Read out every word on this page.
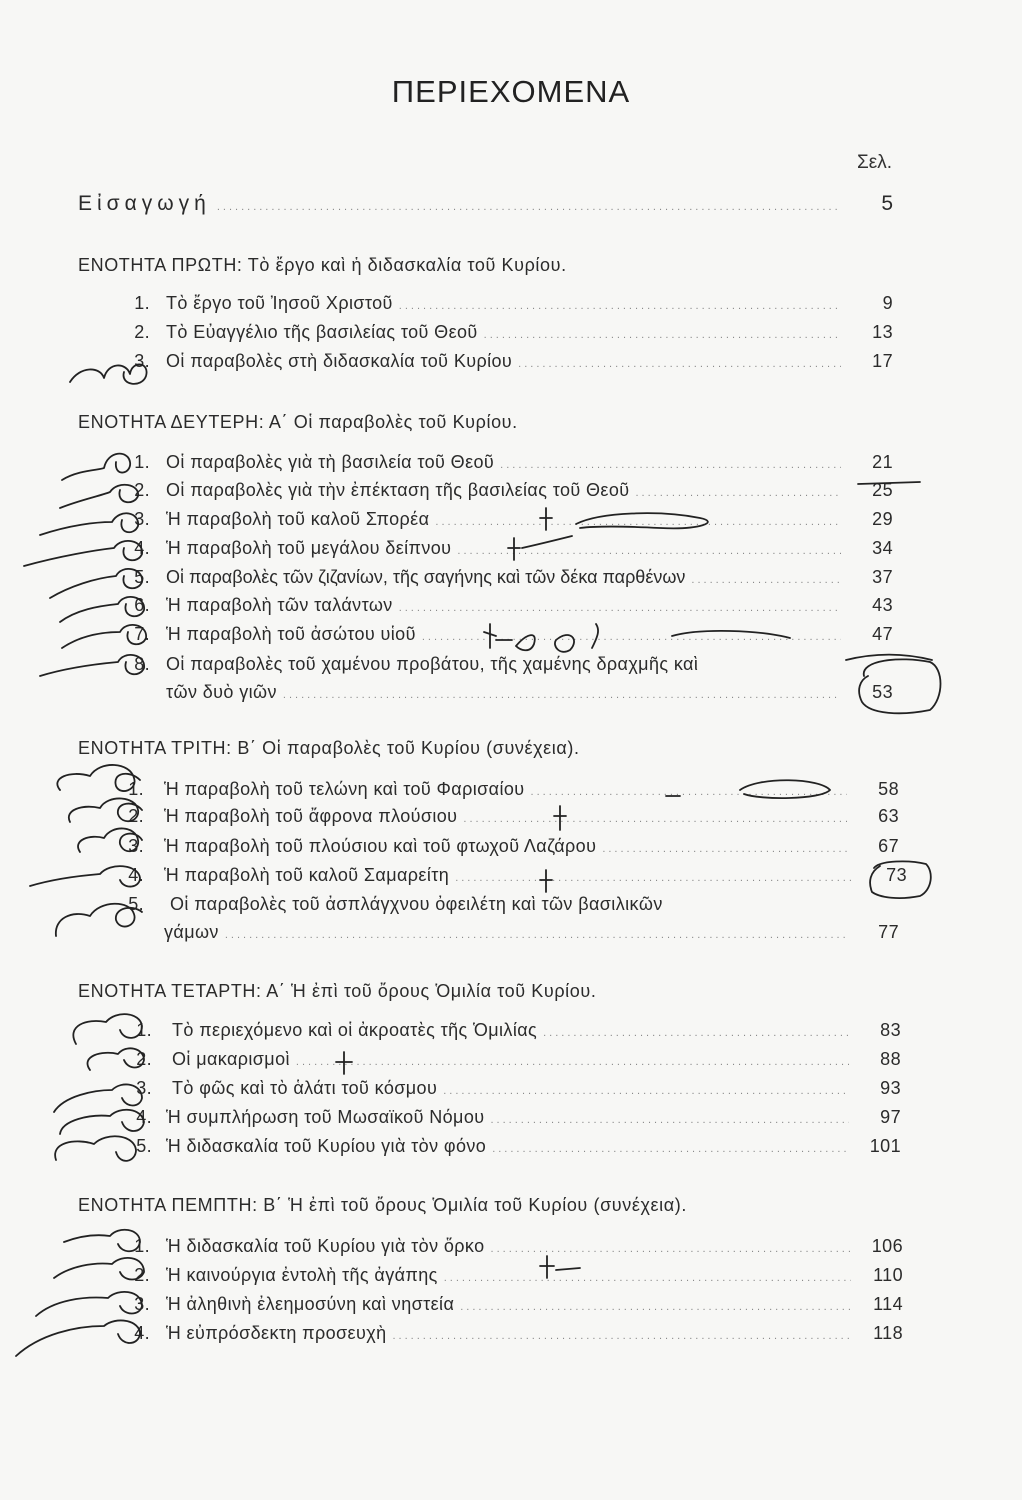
ΠΕΡΙΕΧΟΜΕΝΑ
Σελ.
Εἰσαγωγή .....	5
ΕΝΟΤΗΤΑ ΠΡΩΤΗ: Τὸ ἔργο καὶ ἡ διδασκαλία τοῦ Κυρίου.
1. Τὸ ἔργο τοῦ Ἰησοῦ Χριστοῦ .....	9
2. Τὸ Εὐαγγέλιο τῆς βασιλείας τοῦ Θεοῦ .....	13
3. Οἱ παραβολὲς στὴ διδασκαλία τοῦ Κυρίου .....	17
ΕΝΟΤΗΤΑ ΔΕΥΤΕΡΗ: Α΄ Οἱ παραβολὲς τοῦ Κυρίου.
1. Οἱ παραβολὲς γιὰ τὴ βασιλεία τοῦ Θεοῦ .....	21
2. Οἱ παραβολὲς γιὰ τὴν ἐπέκταση τῆς βασιλείας τοῦ Θεοῦ .....	25
3. Ἡ παραβολὴ τοῦ καλοῦ Σπορέα .....	29
4. Ἡ παραβολὴ τοῦ μεγάλου δείπνου .....	34
5. Οἱ παραβολὲς τῶν ζιζανίων, τῆς σαγήνης καὶ τῶν δέκα παρθένων .....	37
6. Ἡ παραβολὴ τῶν ταλάντων .....	43
7. Ἡ παραβολὴ τοῦ ἀσώτου υἱοῦ .....	47
8. Οἱ παραβολὲς τοῦ χαμένου προβάτου, τῆς χαμένης δραχμῆς καὶ
τῶν δυὸ γιῶν .....	53
ΕΝΟΤΗΤΑ ΤΡΙΤΗ: Β΄ Οἱ παραβολὲς τοῦ Κυρίου (συνέχεια).
1. Ἡ παραβολὴ τοῦ τελώνη καὶ τοῦ Φαρισαίου .....	58
2. Ἡ παραβολὴ τοῦ ἄφρονα πλούσιου .....	63
3. Ἡ παραβολὴ τοῦ πλούσιου καὶ τοῦ φτωχοῦ Λαζάρου .....	67
4. Ἡ παραβολὴ τοῦ καλοῦ Σαμαρείτη .....	73
5. Οἱ παραβολὲς τοῦ ἀσπλάγχνου ὀφειλέτη καὶ τῶν βασιλικῶν
γάμων .....	77
ΕΝΟΤΗΤΑ ΤΕΤΑΡΤΗ: Α΄ Ἡ ἐπὶ τοῦ ὄρους Ὁμιλία τοῦ Κυρίου.
1. Τὸ περιεχόμενο καὶ οἱ ἀκροατὲς τῆς Ὁμιλίας .....	83
2. Οἱ μακαρισμοὶ .....	88
3. Τὸ φῶς καὶ τὸ ἁλάτι τοῦ κόσμου .....	93
4. Ἡ συμπλήρωση τοῦ Μωσαϊκοῦ Νόμου .....	97
5. Ἡ διδασκαλία τοῦ Κυρίου γιὰ τὸν φόνο .....	101
ΕΝΟΤΗΤΑ ΠΕΜΠΤΗ: Β΄ Ἡ ἐπὶ τοῦ ὄρους Ὁμιλία τοῦ Κυρίου (συνέχεια).
1. Ἡ διδασκαλία τοῦ Κυρίου γιὰ τὸν ὅρκο .....	106
2. Ἡ καινούργια ἐντολὴ τῆς ἀγάπης .....	110
3. Ἡ ἀληθινὴ ἐλεημοσύνη καὶ νηστεία .....	114
4. Ἡ εὐπρόσδεκτη προσευχὴ .....	118
